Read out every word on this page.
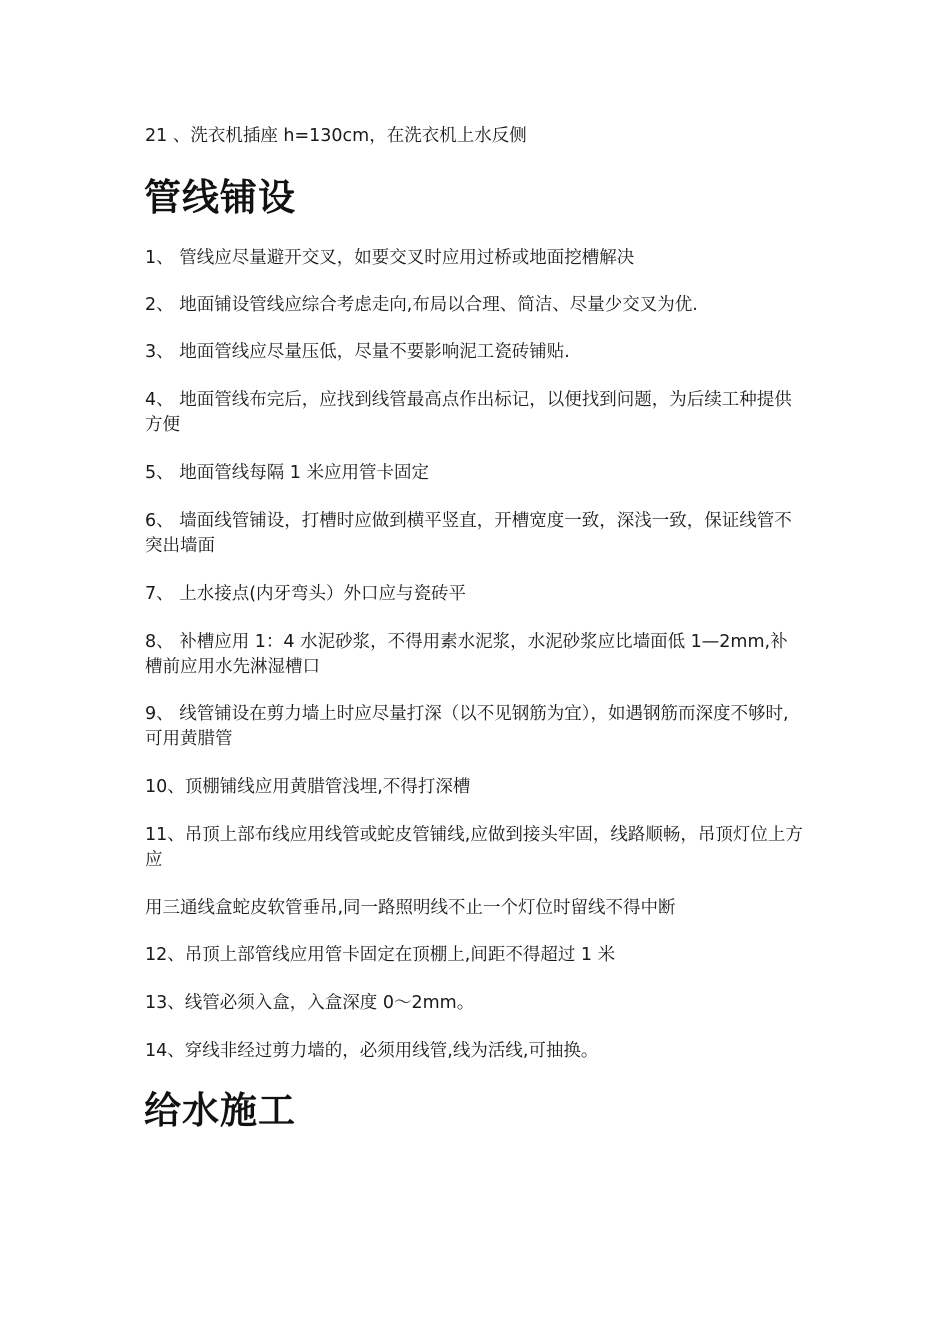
21 、洗衣机插座 h=130cm，在洗衣机上水反侧
管线铺设
1、 管线应尽量避开交叉，如要交叉时应用过桥或地面挖槽解决
2、 地面铺设管线应综合考虑走向,布局以合理、简洁、尽量少交叉为优.
3、 地面管线应尽量压低，尽量不要影响泥工瓷砖铺贴.
4、 地面管线布完后，应找到线管最高点作出标记，以便找到问题，为后续工种提供方便
5、 地面管线每隔 1 米应用管卡固定
6、 墙面线管铺设，打槽时应做到横平竖直，开槽宽度一致，深浅一致，保证线管不突出墙面
7、 上水接点(内牙弯头）外口应与瓷砖平
8、 补槽应用 1：4 水泥砂浆，不得用素水泥浆，水泥砂浆应比墙面低 1—2mm,补槽前应用水先淋湿槽口
9、 线管铺设在剪力墙上时应尽量打深（以不见钢筋为宜），如遇钢筋而深度不够时,可用黄腊管
10、顶棚铺线应用黄腊管浅埋,不得打深槽
11、吊顶上部布线应用线管或蛇皮管铺线,应做到接头牢固，线路顺畅，吊顶灯位上方应
用三通线盒蛇皮软管垂吊,同一路照明线不止一个灯位时留线不得中断
12、吊顶上部管线应用管卡固定在顶棚上,间距不得超过 1 米
13、线管必须入盒，入盒深度 0～2mm。
14、穿线非经过剪力墙的，必须用线管,线为活线,可抽换。
给水施工
